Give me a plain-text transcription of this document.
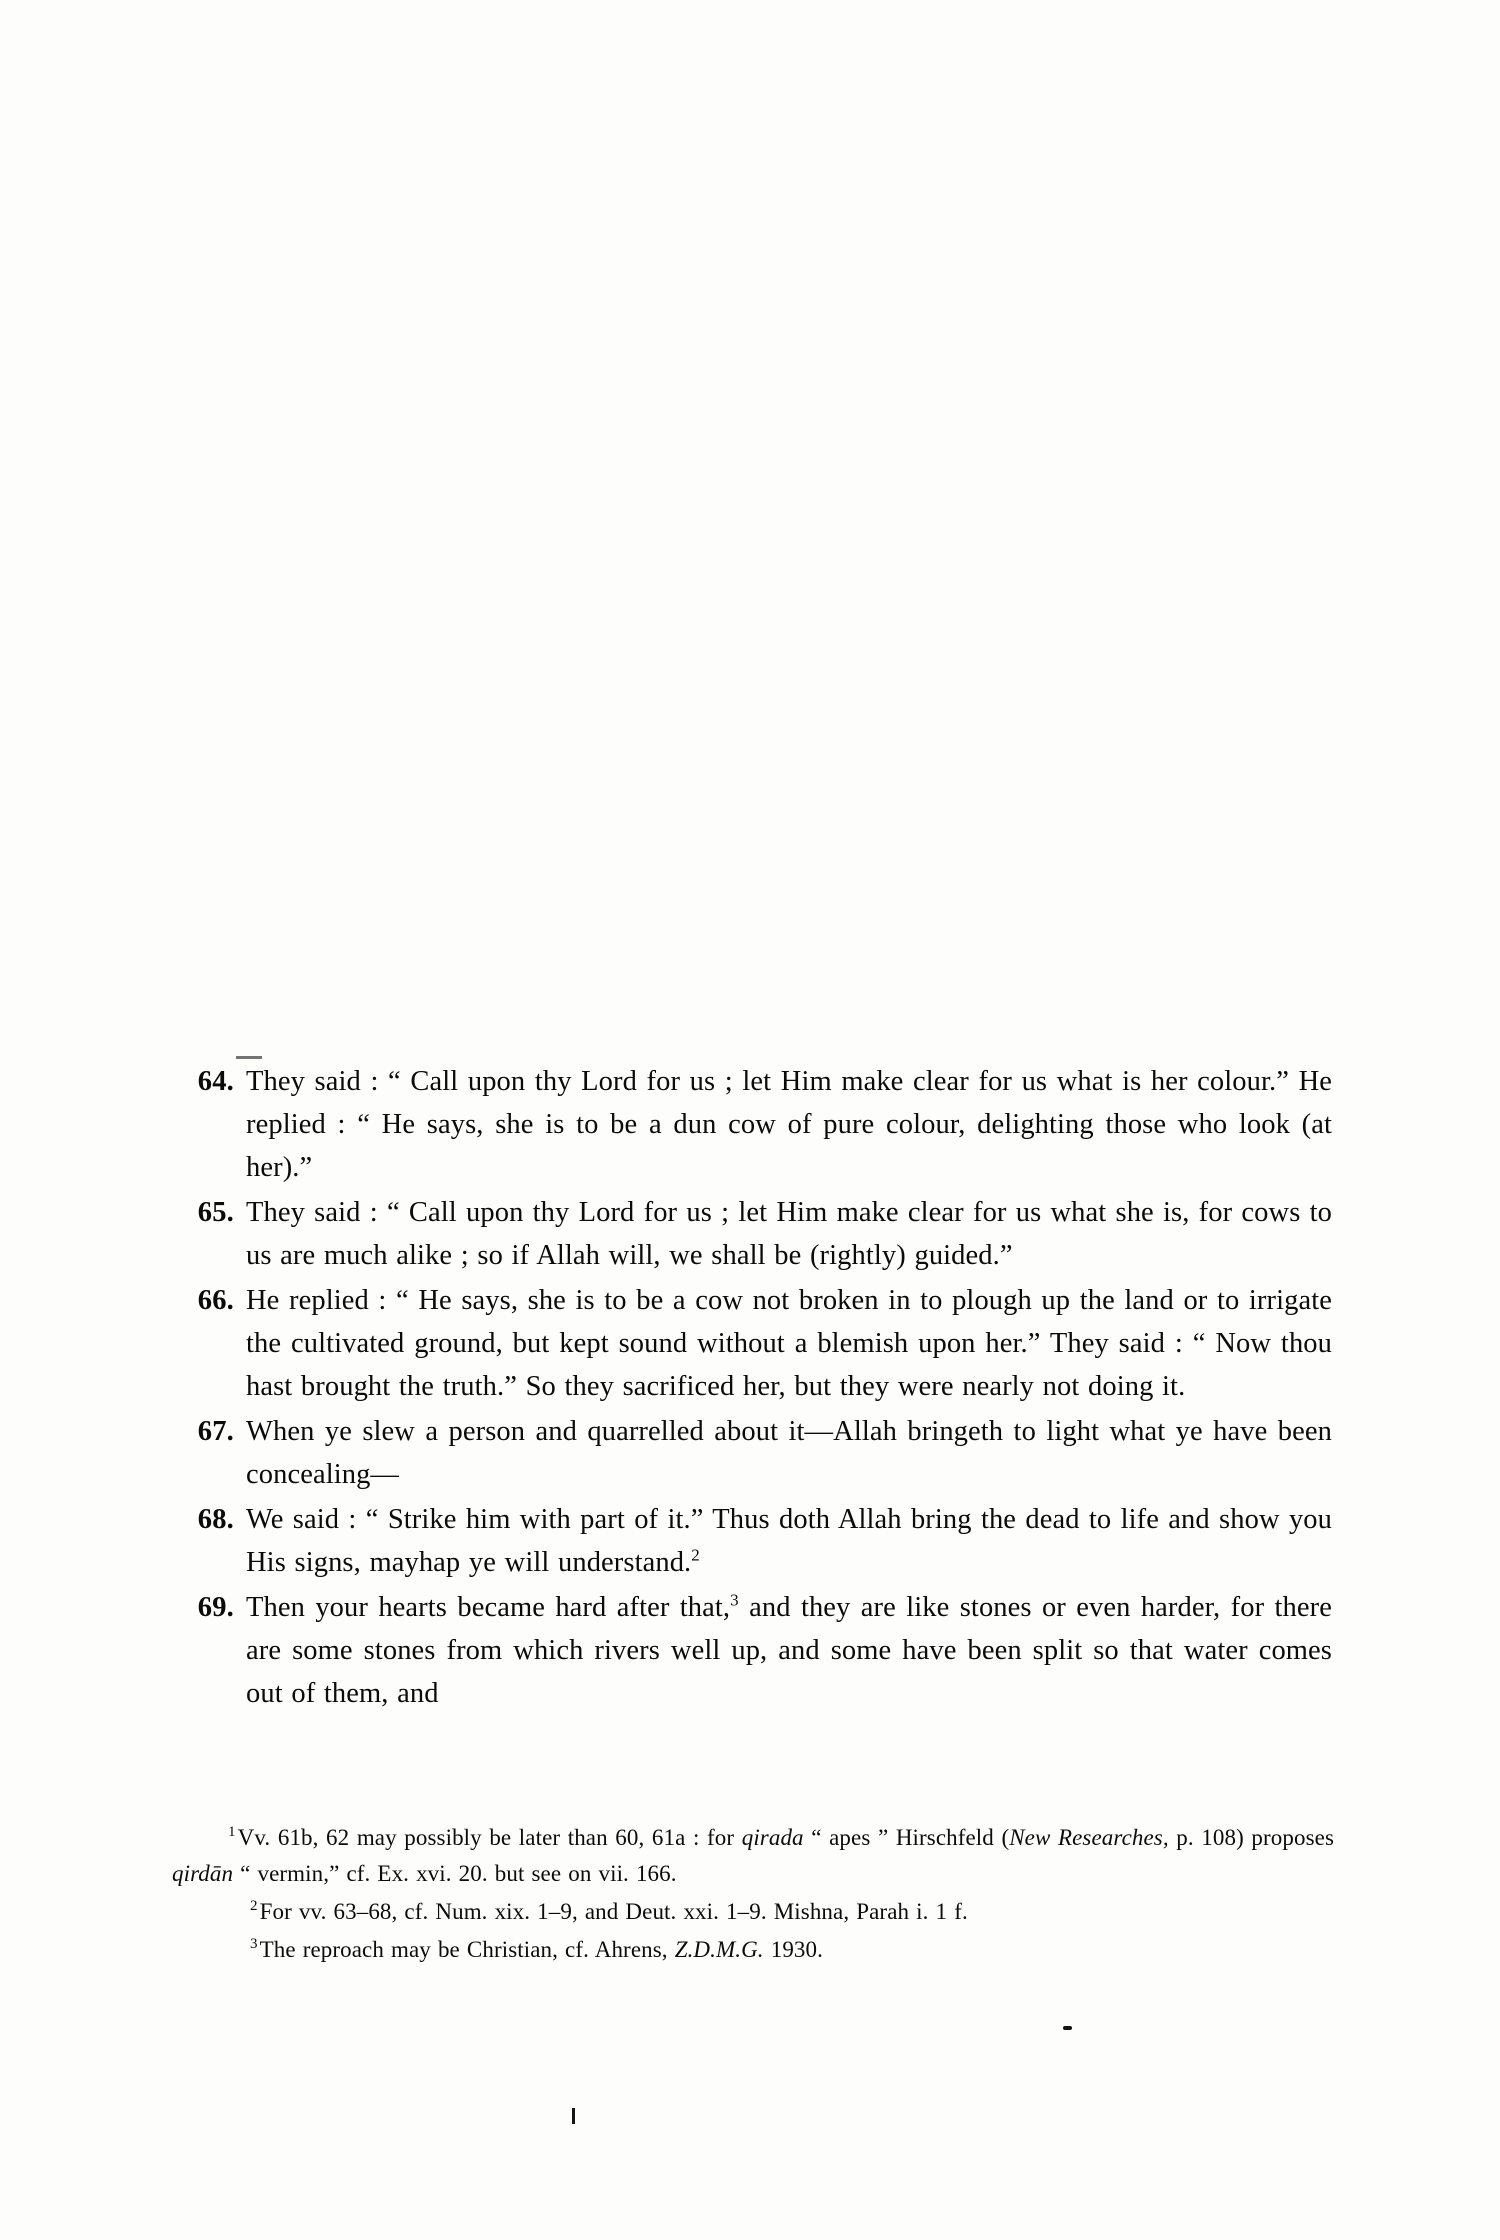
64. They said : “ Call upon thy Lord for us ; let Him make clear for us what is her colour.” He replied : “ He says, she is to be a dun cow of pure colour, delighting those who look (at her).”
65. They said : “ Call upon thy Lord for us ; let Him make clear for us what she is, for cows to us are much alike ; so if Allah will, we shall be (rightly) guided.”
66. He replied : “ He says, she is to be a cow not broken in to plough up the land or to irrigate the cultivated ground, but kept sound without a blemish upon her.” They said : “ Now thou hast brought the truth.” So they sacrificed her, but they were nearly not doing it.
67. When ye slew a person and quarrelled about it—Allah bringeth to light what ye have been concealing—
68. We said : “ Strike him with part of it.” Thus doth Allah bring the dead to life and show you His signs, mayhap ye will understand.$^2$
69. Then your hearts became hard after that,$^3$ and they are like stones or even harder, for there are some stones from which rivers well up, and some have been split so that water comes out of them, and

$^1$Vv. 61b, 62 may possibly be later than 60, 61a : for qirada “ apes ” Hirschfeld (New Researches, p. 108) proposes qirdān “ vermin,” cf. Ex. xvi. 20. but see on vii. 166.

$^2$For vv. 63–68, cf. Num. xix. 1–9, and Deut. xxi. 1–9. Mishna, Parah i. 1 f.

$^3$The reproach may be Christian, cf. Ahrens, Z.D.M.G. 1930.
